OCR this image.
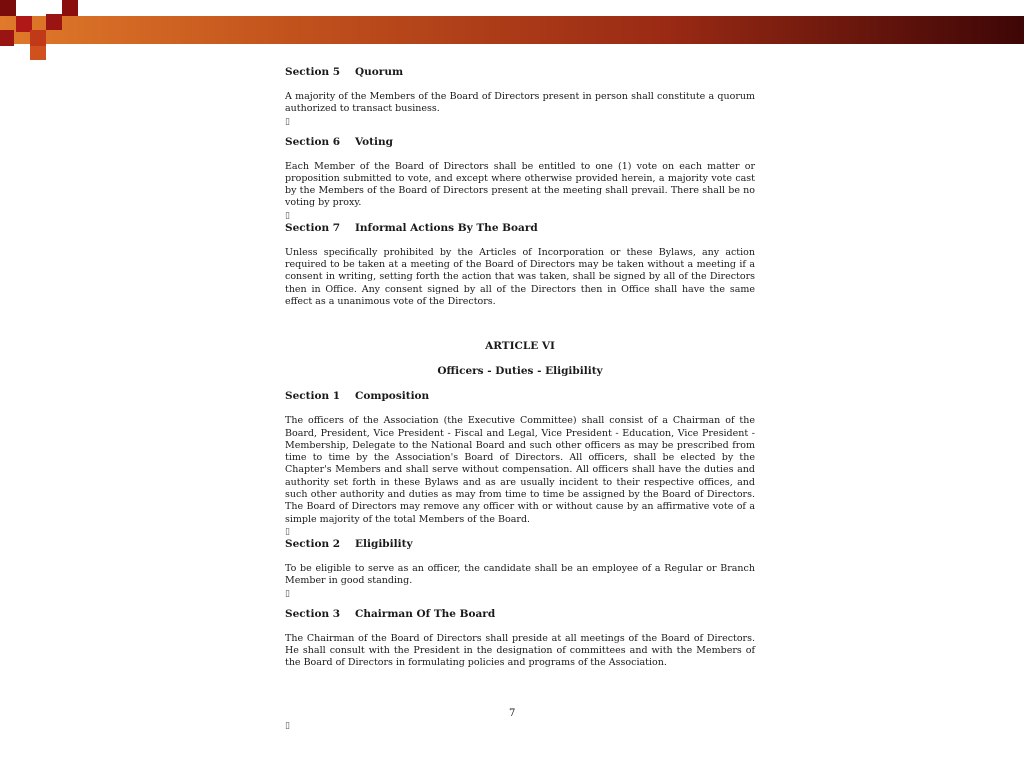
Section 5	Quorum
A majority of the Members of the Board of Directors present in person shall constitute a quorum authorized to transact business.
▯
Section 6	Voting
Each Member of the Board of Directors shall be entitled to one (1) vote on each matter or proposition submitted to vote, and except where otherwise provided herein, a majority vote cast by the Members of the Board of Directors present at the meeting shall prevail. There shall be no voting by proxy.
▯
Section 7	Informal Actions By The Board
Unless specifically prohibited by the Articles of Incorporation or these Bylaws, any action required to be taken at a meeting of the Board of Directors may be taken without a meeting if a consent in writing, setting forth the action that was taken, shall be signed by all of the Directors then in Office. Any consent signed by all of the Directors then in Office shall have the same effect as a unanimous vote of the Directors.
ARTICLE VI
Officers - Duties - Eligibility
Section 1	Composition
The officers of the Association (the Executive Committee) shall consist of a Chairman of the Board, President, Vice President - Fiscal and Legal, Vice President - Education, Vice President - Membership, Delegate to the National Board and such other officers as may be prescribed from time to time by the Association's Board of Directors. All officers, shall be elected by the Chapter's Members and shall serve without compensation. All officers shall have the duties and authority set forth in these Bylaws and as are usually incident to their respective offices, and such other authority and duties as may from time to time be assigned by the Board of Directors. The Board of Directors may remove any officer with or without cause by an affirmative vote of a simple majority of the total Members of the Board.
▯
Section 2	Eligibility
To be eligible to serve as an officer, the candidate shall be an employee of a Regular or Branch Member in good standing.
▯
Section 3	Chairman Of The Board
The Chairman of the Board of Directors shall preside at all meetings of the Board of Directors. He shall consult with the President in the designation of committees and with the Members of the Board of Directors in formulating policies and programs of the Association.
7
▯
